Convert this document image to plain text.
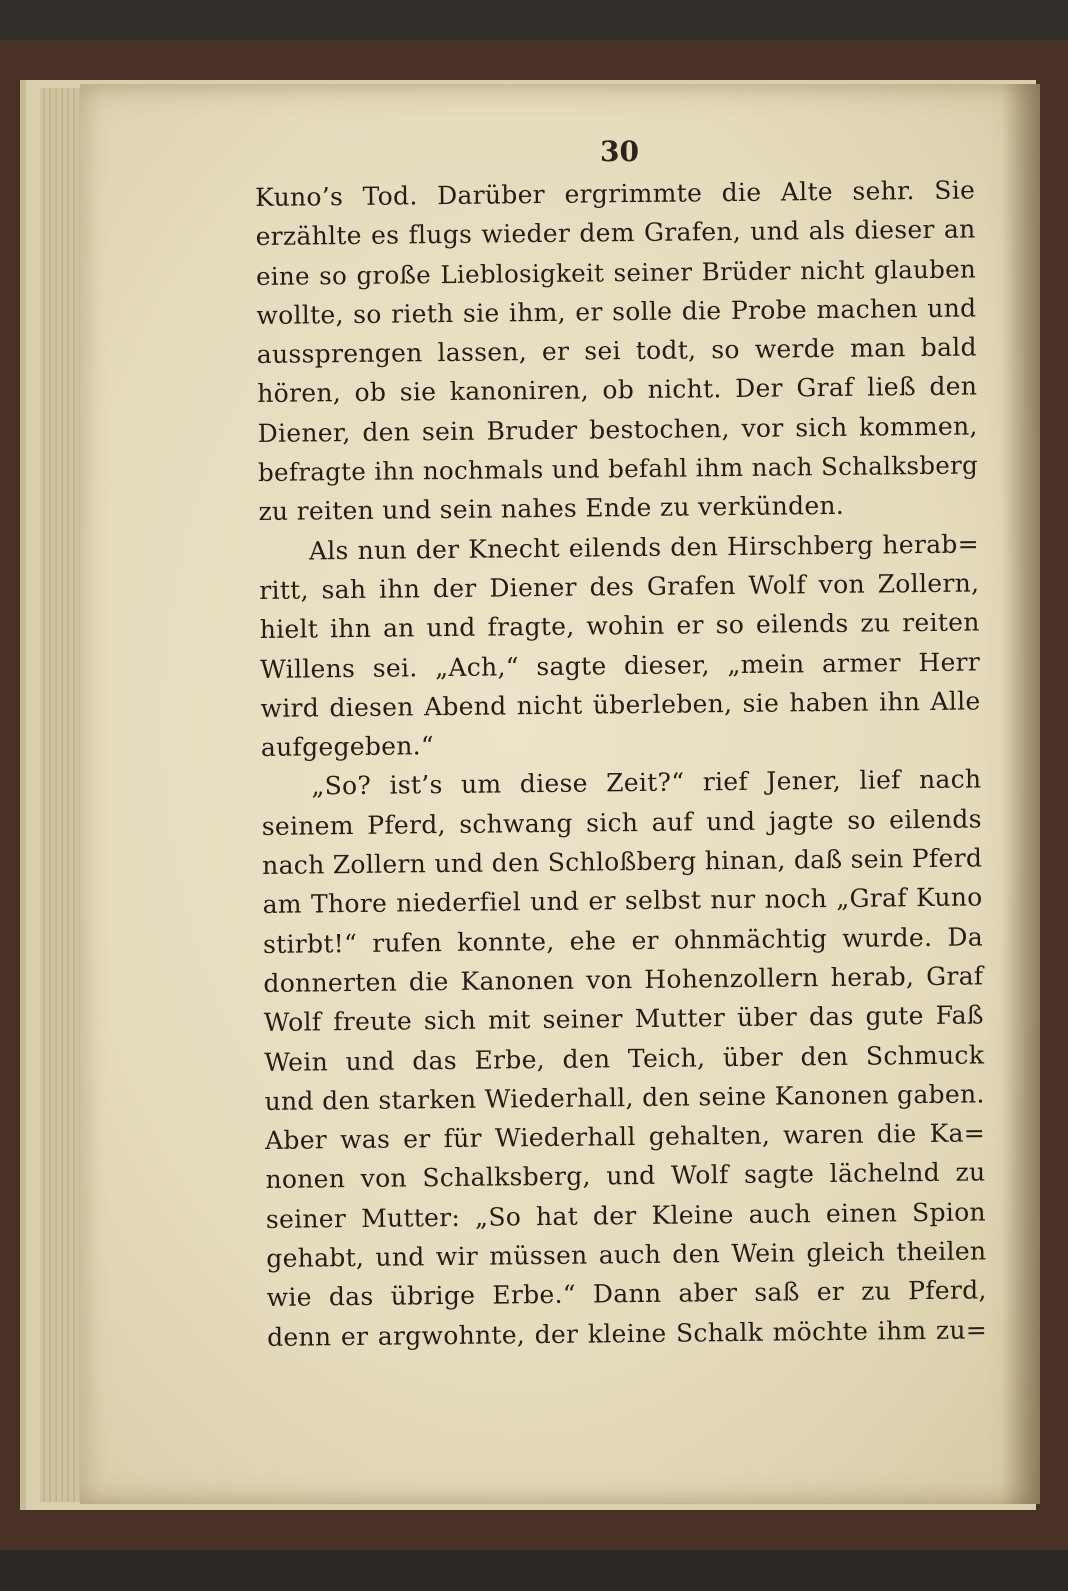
30

Kuno’s Tod. Darüber ergrimmte die Alte sehr. Sie

erzählte es flugs wieder dem Grafen, und als dieser an

eine so große Lieblosigkeit seiner Brüder nicht glauben

wollte, so rieth sie ihm, er solle die Probe machen und

aussprengen lassen, er sei todt, so werde man bald

hören, ob sie kanoniren, ob nicht. Der Graf ließ den

Diener, den sein Bruder bestochen, vor sich kommen,

befragte ihn nochmals und befahl ihm nach Schalksberg

zu reiten und sein nahes Ende zu verkünden.

Als nun der Knecht eilends den Hirschberg herab=

ritt, sah ihn der Diener des Grafen Wolf von Zollern,

hielt ihn an und fragte, wohin er so eilends zu reiten

Willens sei. „Ach,“ sagte dieser, „mein armer Herr

wird diesen Abend nicht überleben, sie haben ihn Alle

aufgegeben.“

„So? ist’s um diese Zeit?“ rief Jener, lief nach

seinem Pferd, schwang sich auf und jagte so eilends

nach Zollern und den Schloßberg hinan, daß sein Pferd

am Thore niederfiel und er selbst nur noch „Graf Kuno

stirbt!“ rufen konnte, ehe er ohnmächtig wurde. Da

donnerten die Kanonen von Hohenzollern herab, Graf

Wolf freute sich mit seiner Mutter über das gute Faß

Wein und das Erbe, den Teich, über den Schmuck

und den starken Wiederhall, den seine Kanonen gaben.

Aber was er für Wiederhall gehalten, waren die Ka=

nonen von Schalksberg, und Wolf sagte lächelnd zu

seiner Mutter: „So hat der Kleine auch einen Spion

gehabt, und wir müssen auch den Wein gleich theilen

wie das übrige Erbe.“ Dann aber saß er zu Pferd,

denn er argwohnte, der kleine Schalk möchte ihm zu=
